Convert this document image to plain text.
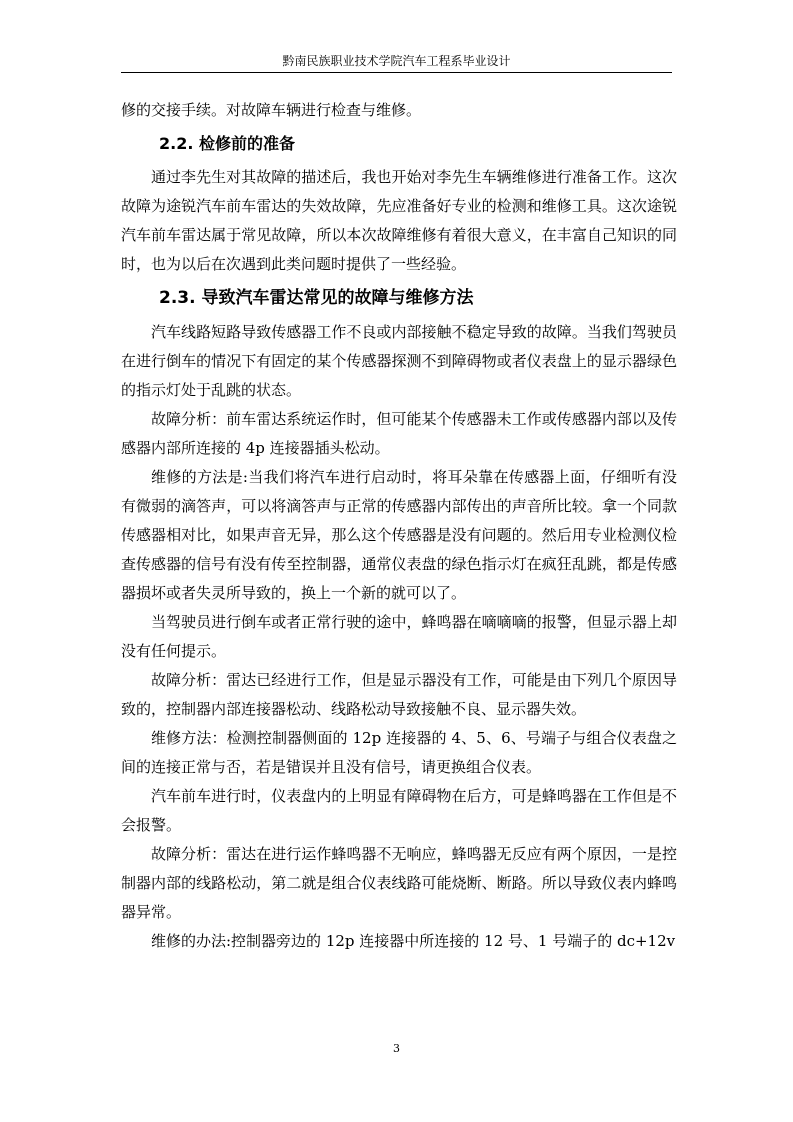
黔南民族职业技术学院汽车工程系毕业设计

修的交接手续。对故障车辆进行检查与维修。

2.2. 检修前的准备

通过李先生对其故障的描述后，我也开始对李先生车辆维修进行准备工作。这次故障为途锐汽车前车雷达的失效故障，先应准备好专业的检测和维修工具。这次途锐汽车前车雷达属于常见故障，所以本次故障维修有着很大意义，在丰富自己知识的同时，也为以后在次遇到此类问题时提供了一些经验。

2.3. 导致汽车雷达常见的故障与维修方法

汽车线路短路导致传感器工作不良或内部接触不稳定导致的故障。当我们驾驶员在进行倒车的情况下有固定的某个传感器探测不到障碍物或者仪表盘上的显示器绿色的指示灯处于乱跳的状态。

故障分析：前车雷达系统运作时，但可能某个传感器未工作或传感器内部以及传感器内部所连接的 4p 连接器插头松动。

维修的方法是:当我们将汽车进行启动时，将耳朵靠在传感器上面，仔细听有没有微弱的滴答声，可以将滴答声与正常的传感器内部传出的声音所比较。拿一个同款传感器相对比，如果声音无异，那么这个传感器是没有问题的。然后用专业检测仪检查传感器的信号有没有传至控制器，通常仪表盘的绿色指示灯在疯狂乱跳，都是传感器损坏或者失灵所导致的，换上一个新的就可以了。

当驾驶员进行倒车或者正常行驶的途中，蜂鸣器在嘀嘀嘀的报警，但显示器上却没有任何提示。

故障分析：雷达已经进行工作，但是显示器没有工作，可能是由下列几个原因导致的，控制器内部连接器松动、线路松动导致接触不良、显示器失效。

维修方法：检测控制器侧面的 12p 连接器的 4、5、6、号端子与组合仪表盘之间的连接正常与否，若是错误并且没有信号，请更换组合仪表。

汽车前车进行时，仪表盘内的上明显有障碍物在后方，可是蜂鸣器在工作但是不会报警。

故障分析：雷达在进行运作蜂鸣器不无响应，蜂鸣器无反应有两个原因，一是控制器内部的线路松动，第二就是组合仪表线路可能烧断、断路。所以导致仪表内蜂鸣器异常。

维修的办法:控制器旁边的 12p 连接器中所连接的 12 号、1 号端子的 dc+12v

3
